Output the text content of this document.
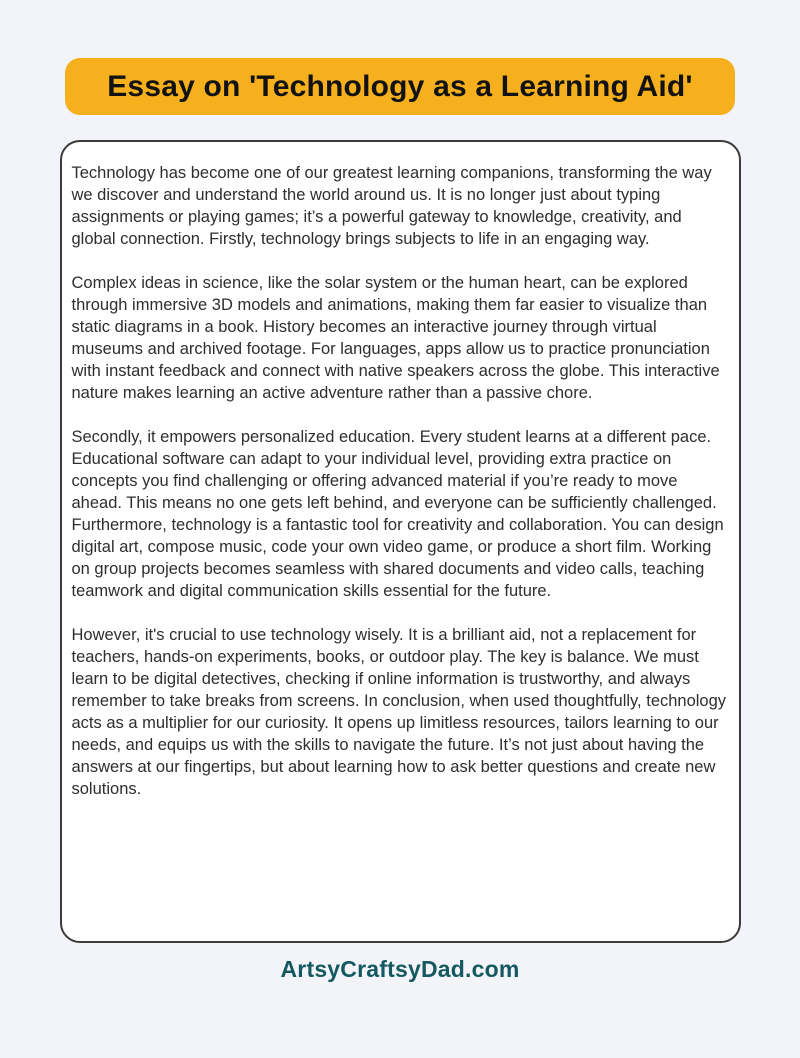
Essay on 'Technology as a Learning Aid'

Technology has become one of our greatest learning companions, transforming the way we discover and understand the world around us. It is no longer just about typing assignments or playing games; it’s a powerful gateway to knowledge, creativity, and global connection. Firstly, technology brings subjects to life in an engaging way.

Complex ideas in science, like the solar system or the human heart, can be explored through immersive 3D models and animations, making them far easier to visualize than static diagrams in a book. History becomes an interactive journey through virtual museums and archived footage. For languages, apps allow us to practice pronunciation with instant feedback and connect with native speakers across the globe. This interactive nature makes learning an active adventure rather than a passive chore.

Secondly, it empowers personalized education. Every student learns at a different pace. Educational software can adapt to your individual level, providing extra practice on concepts you find challenging or offering advanced material if you’re ready to move ahead. This means no one gets left behind, and everyone can be sufficiently challenged. Furthermore, technology is a fantastic tool for creativity and collaboration. You can design digital art, compose music, code your own video game, or produce a short film. Working on group projects becomes seamless with shared documents and video calls, teaching teamwork and digital communication skills essential for the future.

However, it's crucial to use technology wisely. It is a brilliant aid, not a replacement for teachers, hands-on experiments, books, or outdoor play. The key is balance. We must learn to be digital detectives, checking if online information is trustworthy, and always remember to take breaks from screens. In conclusion, when used thoughtfully, technology acts as a multiplier for our curiosity. It opens up limitless resources, tailors learning to our needs, and equips us with the skills to navigate the future. It’s not just about having the answers at our fingertips, but about learning how to ask better questions and create new solutions.

ArtsyCraftsyDad.com
